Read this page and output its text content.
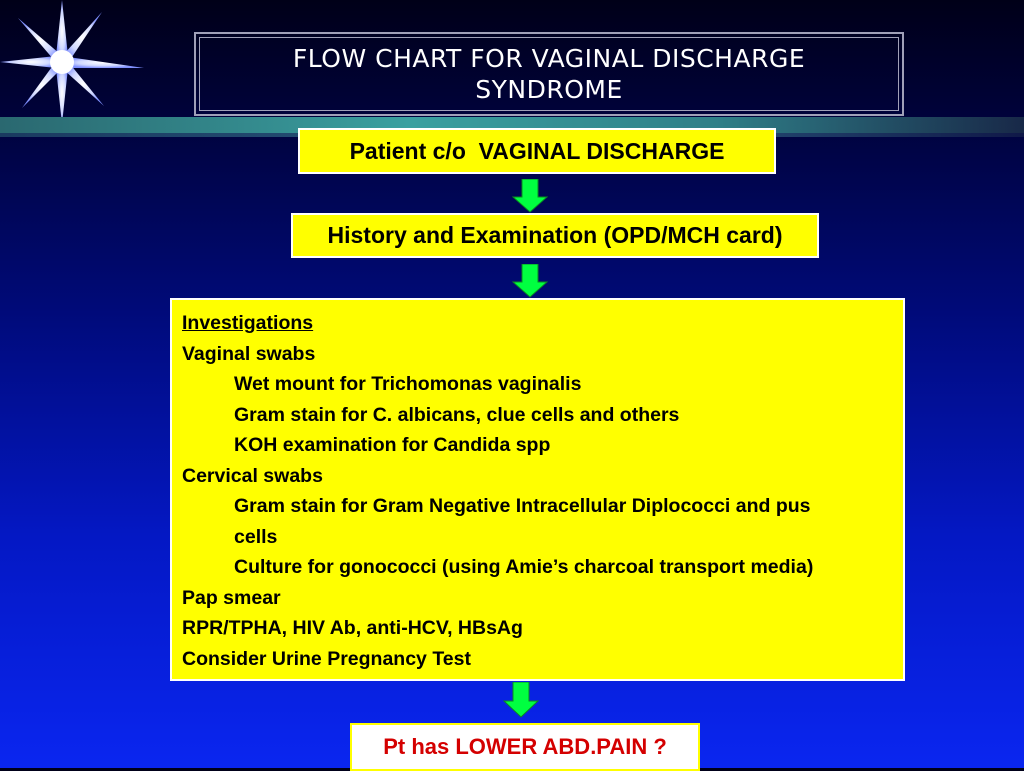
FLOW CHART FOR VAGINAL DISCHARGE SYNDROME
Patient c/o  VAGINAL DISCHARGE
History and Examination (OPD/MCH card)
Investigations
Vaginal swabs
Wet mount for Trichomonas vaginalis
Gram stain for C. albicans, clue cells and others
KOH examination for Candida spp
Cervical swabs
Gram stain for Gram Negative Intracellular Diplococci and pus
cells
Culture for gonococci (using Amie’s charcoal transport media)
Pap smear
RPR/TPHA, HIV Ab, anti-HCV, HBsAg
Consider Urine Pregnancy Test
Pt has LOWER ABD.PAIN ?
